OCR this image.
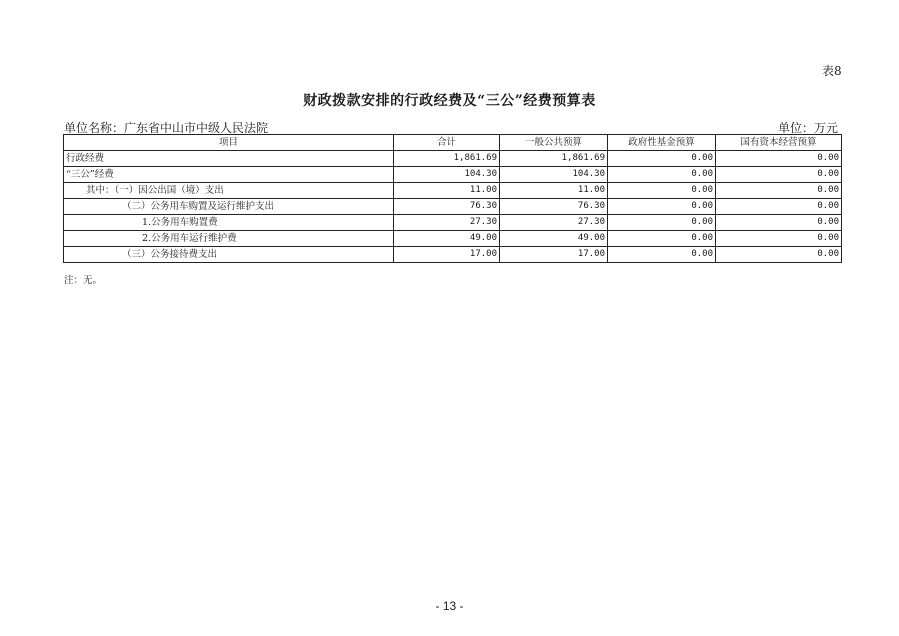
表8
财政拨款安排的行政经费及“三公”经费预算表
单位名称：广东省中山市中级人民法院	单位：万元
项目	合计	一般公共预算	政府性基金预算	国有资本经营预算
行政经费	1,861.69	1,861.69	0.00	0.00
“三公”经费	104.30	104.30	0.00	0.00
其中：（一）因公出国（境）支出	11.00	11.00	0.00	0.00
（二）公务用车购置及运行维护支出	76.30	76.30	0.00	0.00
1.公务用车购置费	27.30	27.30	0.00	0.00
2.公务用车运行维护费	49.00	49.00	0.00	0.00
（三）公务接待费支出	17.00	17.00	0.00	0.00
注：无。
- 13 -
